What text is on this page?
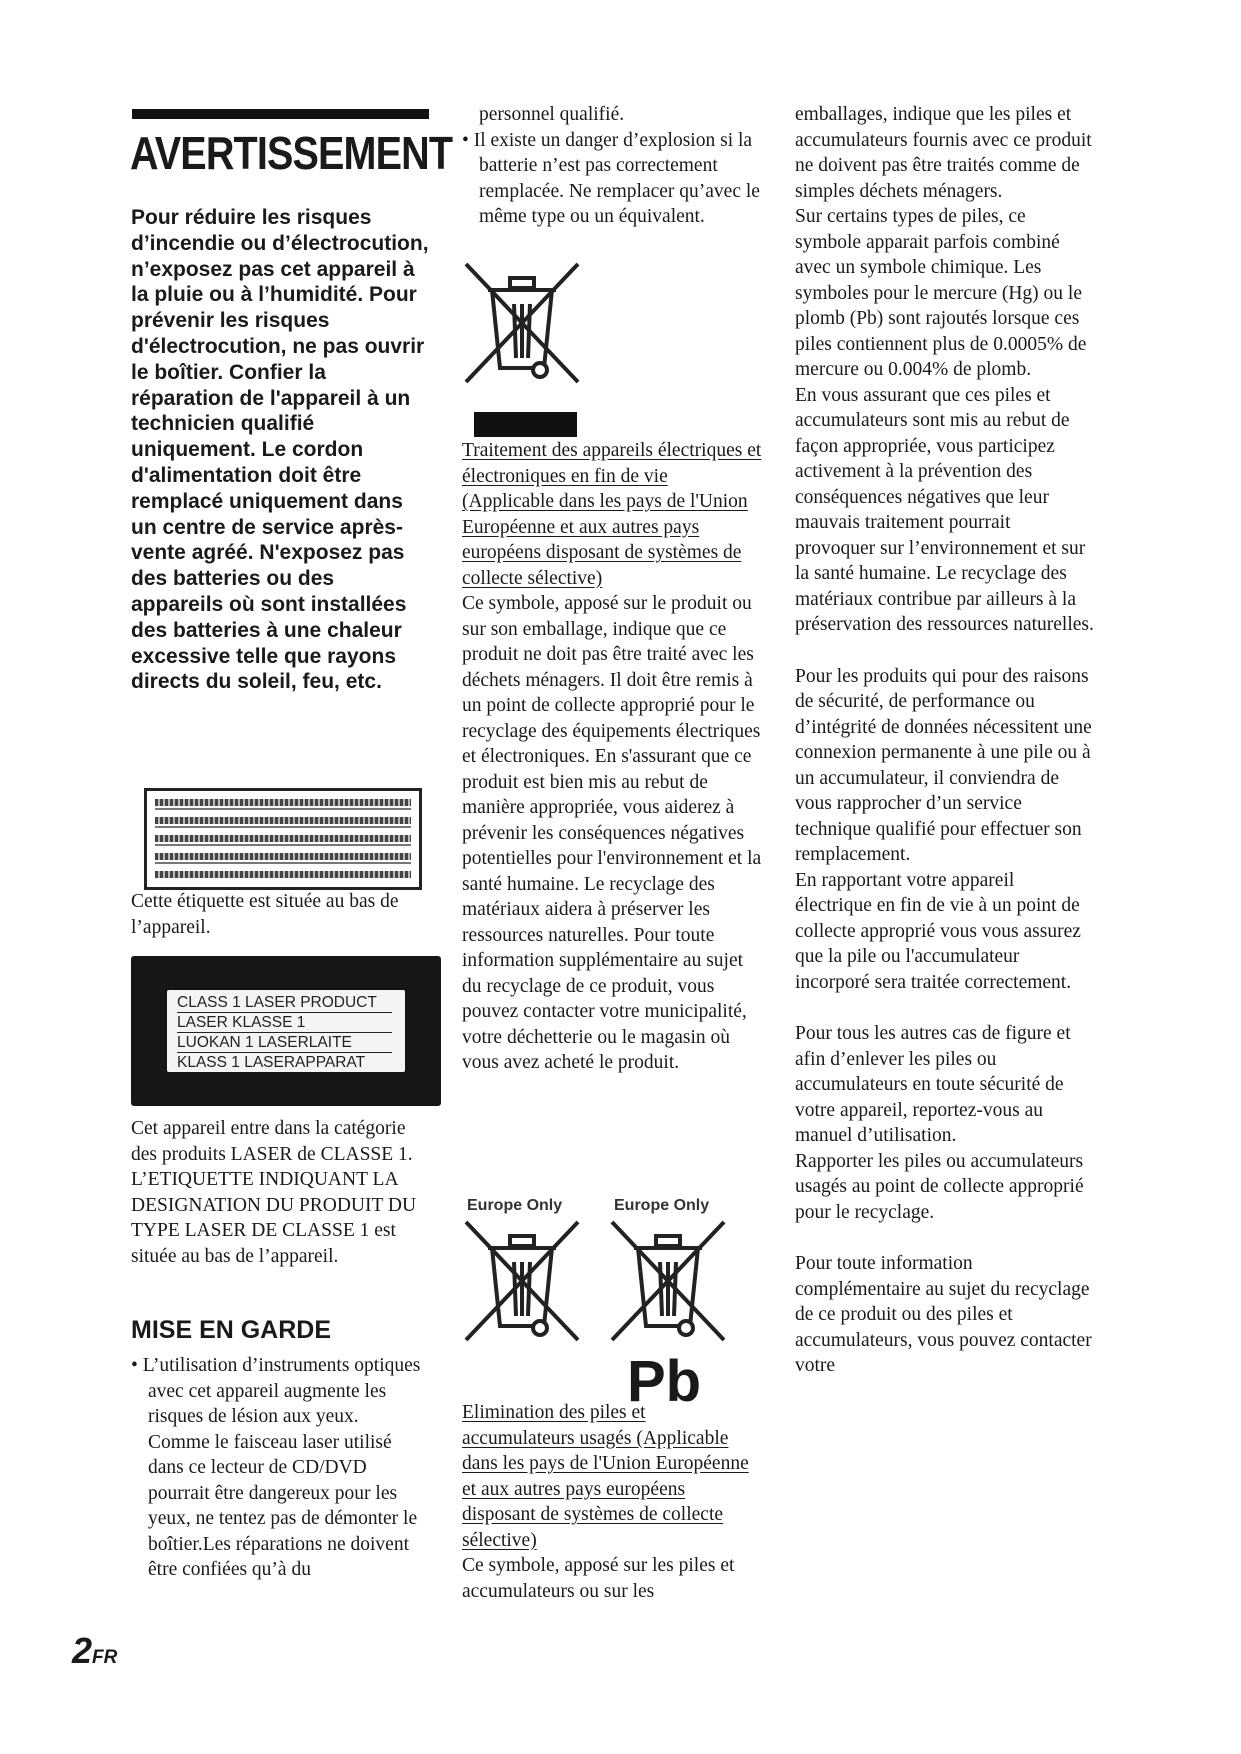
AVERTISSEMENT

Pour réduire les risques d’incendie ou d’électrocution, n’exposez pas cet appareil à la pluie ou à l’humidité. Pour prévenir les risques d'électrocution, ne pas ouvrir le boîtier. Confier la réparation de l'appareil à un technicien qualifié uniquement. Le cordon d'alimentation doit être remplacé uniquement dans un centre de service après-vente agréé. N'exposez pas des batteries ou des appareils où sont installées des batteries à une chaleur excessive telle que rayons directs du soleil, feu, etc.

Cette étiquette est située au bas de l’appareil.

CLASS 1 LASER PRODUCT
LASER KLASSE 1
LUOKAN 1 LASERLAITE
KLASS 1 LASERAPPARAT

Cet appareil entre dans la catégorie des produits LASER de CLASSE 1. L’ETIQUETTE INDIQUANT LA DESIGNATION DU PRODUIT DU TYPE LASER DE CLASSE 1 est située au bas de l’appareil.

MISE EN GARDE

• L’utilisation d’instruments optiques avec cet appareil augmente les risques de lésion aux yeux. Comme le faisceau laser utilisé dans ce lecteur de CD/DVD pourrait être dangereux pour les yeux, ne tentez pas de démonter le boîtier.Les réparations ne doivent être confiées qu’à du

personnel qualifié.

• Il existe un danger d’explosion si la batterie n’est pas correctement remplacée. Ne remplacer qu’avec le même type ou un équivalent.

Traitement des appareils électriques et électroniques en fin de vie (Applicable dans les pays de l'Union Européenne et aux autres pays européens disposant de systèmes de collecte sélective)

Ce symbole, apposé sur le produit ou sur son emballage, indique que ce produit ne doit pas être traité avec les déchets ménagers. Il doit être remis à un point de collecte approprié pour le recyclage des équipements électriques et électroniques. En s'assurant que ce produit est bien mis au rebut de manière appropriée, vous aiderez à prévenir les conséquences négatives potentielles pour l'environnement et la santé humaine. Le recyclage des matériaux aidera à préserver les ressources naturelles. Pour toute information supplémentaire au sujet du recyclage de ce produit, vous pouvez contacter votre municipalité, votre déchetterie ou le magasin où vous avez acheté le produit.

Europe Only	Europe Only
Pb

Elimination des piles et accumulateurs usagés (Applicable dans les pays de l'Union Européenne et aux autres pays européens disposant de systèmes de collecte sélective)

Ce symbole, apposé sur les piles et accumulateurs ou sur les

emballages, indique que les piles et accumulateurs fournis avec ce produit ne doivent pas être traités comme de simples déchets ménagers.

Sur certains types de piles, ce symbole apparait parfois combiné avec un symbole chimique. Les symboles pour le mercure (Hg) ou le plomb (Pb) sont rajoutés lorsque ces piles contiennent plus de 0.0005% de mercure ou 0.004% de plomb.

En vous assurant que ces piles et accumulateurs sont mis au rebut de façon appropriée, vous participez activement à la prévention des conséquences négatives que leur mauvais traitement pourrait provoquer sur l’environnement et sur la santé humaine. Le recyclage des matériaux contribue par ailleurs à la préservation des ressources naturelles.

Pour les produits qui pour des raisons de sécurité, de performance ou d’intégrité de données nécessitent une connexion permanente à une pile ou à un accumulateur, il conviendra de vous rapprocher d’un service technique qualifié pour effectuer son remplacement.

En rapportant votre appareil électrique en fin de vie à un point de collecte approprié vous vous assurez que la pile ou l'accumulateur incorporé sera traitée correctement.

Pour tous les autres cas de figure et afin d’enlever les piles ou accumulateurs en toute sécurité de votre appareil, reportez-vous au manuel d’utilisation.

Rapporter les piles ou accumulateurs usagés au point de collecte approprié pour le recyclage.

Pour toute information complémentaire au sujet du recyclage de ce produit ou des piles et accumulateurs, vous pouvez contacter votre

2FR
